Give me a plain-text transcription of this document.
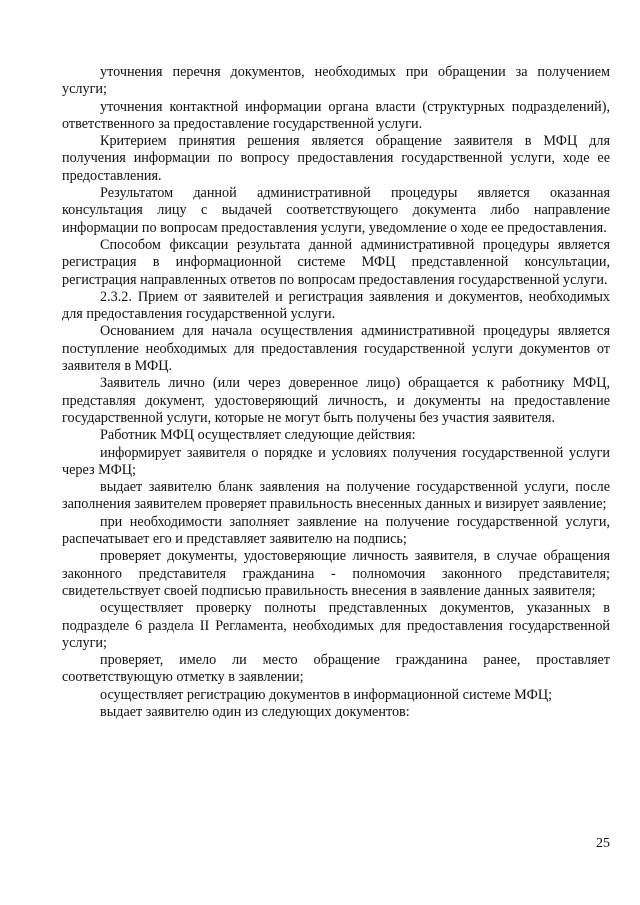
уточнения перечня документов, необходимых при обращении за получением услуги;

уточнения контактной информации органа власти (структурных подразделений), ответственного за предоставление государственной услуги.

Критерием принятия решения является обращение заявителя в МФЦ для получения информации по вопросу предоставления государственной услуги, ходе ее предоставления.

Результатом данной административной процедуры является оказанная консультация лицу с выдачей соответствующего документа либо направление информации по вопросам предоставления услуги, уведомление о ходе ее предоставления.

Способом фиксации результата данной административной процедуры является регистрация в информационной системе МФЦ представленной консультации, регистрация направленных ответов по вопросам предоставления государственной услуги.

2.3.2. Прием от заявителей и регистрация заявления и документов, необходимых для предоставления государственной услуги.

Основанием для начала осуществления административной процедуры является поступление необходимых для предоставления государственной услуги документов от заявителя в МФЦ.

Заявитель лично (или через доверенное лицо) обращается к работнику МФЦ, представляя документ, удостоверяющий личность, и документы на предоставление государственной услуги, которые не могут быть получены без участия заявителя.

Работник МФЦ осуществляет следующие действия:

информирует заявителя о порядке и условиях получения государственной услуги через МФЦ;

выдает заявителю бланк заявления на получение государственной услуги, после заполнения заявителем проверяет правильность внесенных данных и визирует заявление;

при необходимости заполняет заявление на получение государственной услуги, распечатывает его и представляет заявителю на подпись;

проверяет документы, удостоверяющие личность заявителя, в случае обращения законного представителя гражданина - полномочия законного представителя; свидетельствует своей подписью правильность внесения в заявление данных заявителя;

осуществляет проверку полноты представленных документов, указанных в подразделе 6 раздела II Регламента, необходимых для предоставления государственной услуги;

проверяет, имело ли место обращение гражданина ранее, проставляет соответствующую отметку в заявлении;

осуществляет регистрацию документов в информационной системе МФЦ;

выдает заявителю один из следующих документов:

25
